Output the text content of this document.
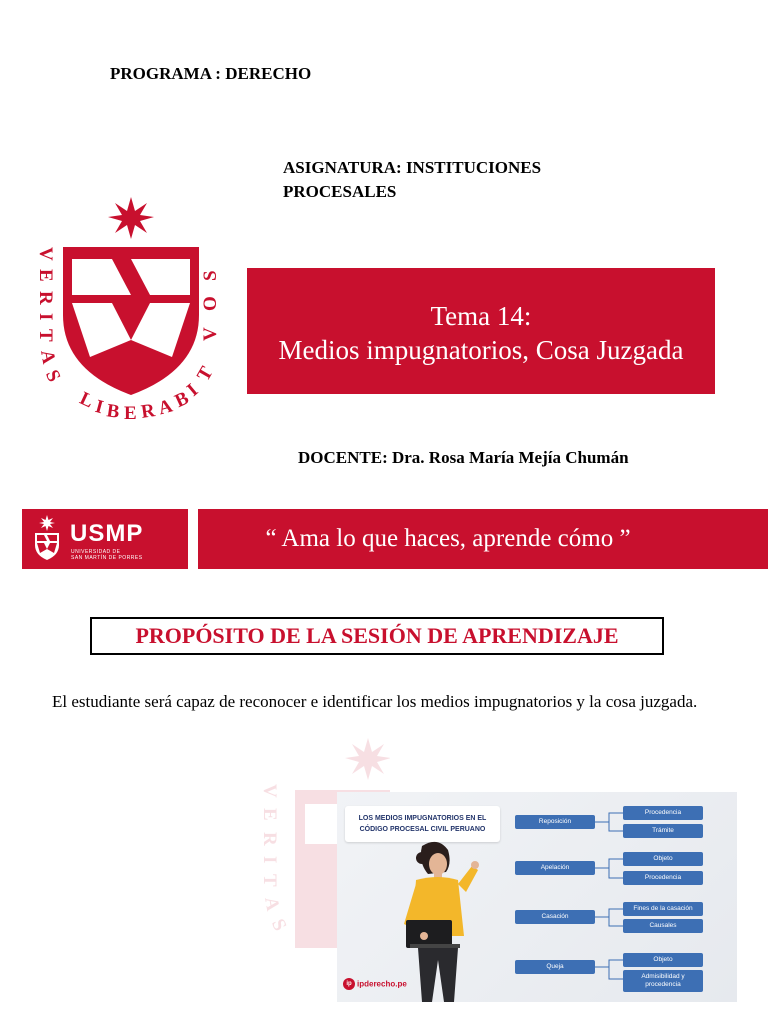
PROGRAMA : DERECHO
ASIGNATURA: INSTITUCIONES PROCESALES
V
E
R
I
T
A
S
L
I B E R A
B
I
T
V
O
S
Tema 14:
Medios impugnatorios, Cosa Juzgada
DOCENTE: Dra. Rosa María Mejía Chumán
USMP
UNIVERSIDAD DE
SAN MARTÍN DE PORRES
“ Ama lo que haces, aprende cómo ”
PROPÓSITO DE LA SESIÓN DE APRENDIZAJE
El estudiante será capaz de reconocer e identificar los medios impugnatorios y la cosa juzgada.
V
E
R
I
T
A
S
LOS MEDIOS IMPUGNATORIOS EN EL
CÓDIGO PROCESAL CIVIL PERUANO
Reposición
Apelación
Casación
Queja
Procedencia
Trámite
Objeto
Procedencia
Fines de la casación
Causales
Objeto
Admisibilidad y procedencia
ip ipderecho.pe
